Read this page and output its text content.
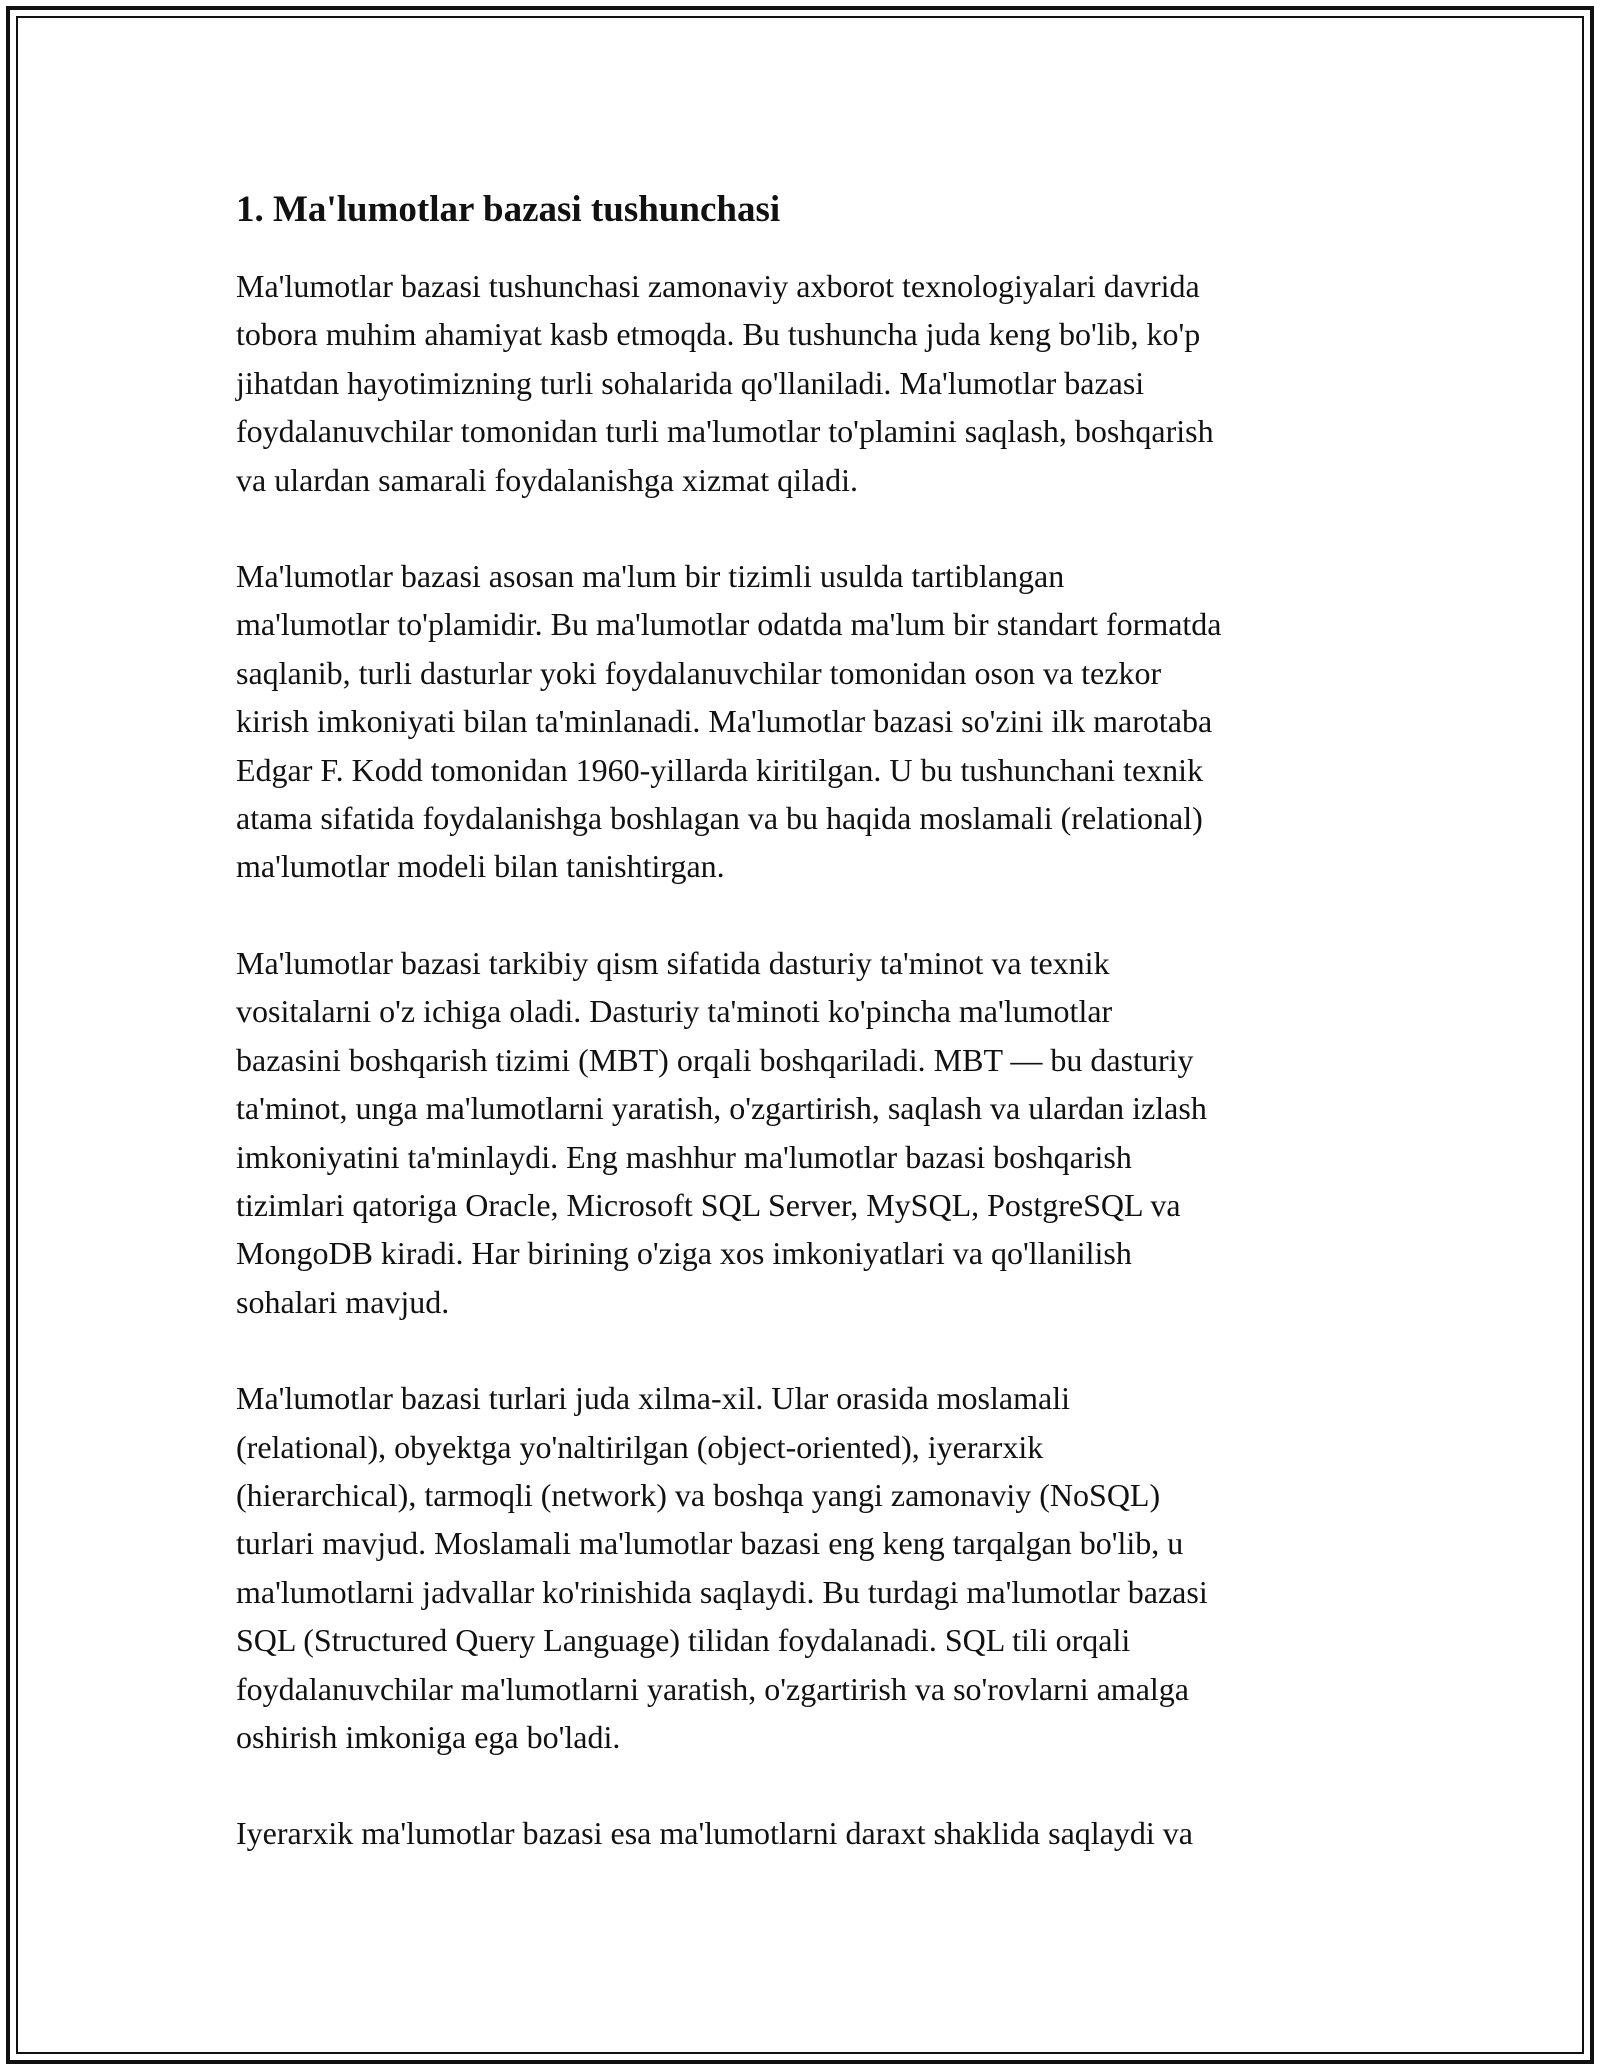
1. Ma'lumotlar bazasi tushunchasi

Ma'lumotlar bazasi tushunchasi zamonaviy axborot texnologiyalari davrida
tobora muhim ahamiyat kasb etmoqda. Bu tushuncha juda keng bo'lib, ko'p
jihatdan hayotimizning turli sohalarida qo'llaniladi. Ma'lumotlar bazasi
foydalanuvchilar tomonidan turli ma'lumotlar to'plamini saqlash, boshqarish
va ulardan samarali foydalanishga xizmat qiladi.

Ma'lumotlar bazasi asosan ma'lum bir tizimli usulda tartiblangan
ma'lumotlar to'plamidir. Bu ma'lumotlar odatda ma'lum bir standart formatda
saqlanib, turli dasturlar yoki foydalanuvchilar tomonidan oson va tezkor
kirish imkoniyati bilan ta'minlanadi. Ma'lumotlar bazasi so'zini ilk marotaba
Edgar F. Kodd tomonidan 1960-yillarda kiritilgan. U bu tushunchani texnik
atama sifatida foydalanishga boshlagan va bu haqida moslamali (relational)
ma'lumotlar modeli bilan tanishtirgan.

Ma'lumotlar bazasi tarkibiy qism sifatida dasturiy ta'minot va texnik
vositalarni o'z ichiga oladi. Dasturiy ta'minoti ko'pincha ma'lumotlar
bazasini boshqarish tizimi (MBT) orqali boshqariladi. MBT — bu dasturiy
ta'minot, unga ma'lumotlarni yaratish, o'zgartirish, saqlash va ulardan izlash
imkoniyatini ta'minlaydi. Eng mashhur ma'lumotlar bazasi boshqarish
tizimlari qatoriga Oracle, Microsoft SQL Server, MySQL, PostgreSQL va
MongoDB kiradi. Har birining o'ziga xos imkoniyatlari va qo'llanilish
sohalari mavjud.

Ma'lumotlar bazasi turlari juda xilma-xil. Ular orasida moslamali
(relational), obyektga yo'naltirilgan (object-oriented), iyerarxik
(hierarchical), tarmoqli (network) va boshqa yangi zamonaviy (NoSQL)
turlari mavjud. Moslamali ma'lumotlar bazasi eng keng tarqalgan bo'lib, u
ma'lumotlarni jadvallar ko'rinishida saqlaydi. Bu turdagi ma'lumotlar bazasi
SQL (Structured Query Language) tilidan foydalanadi. SQL tili orqali
foydalanuvchilar ma'lumotlarni yaratish, o'zgartirish va so'rovlarni amalga
oshirish imkoniga ega bo'ladi.

Iyerarxik ma'lumotlar bazasi esa ma'lumotlarni daraxt shaklida saqlaydi va
